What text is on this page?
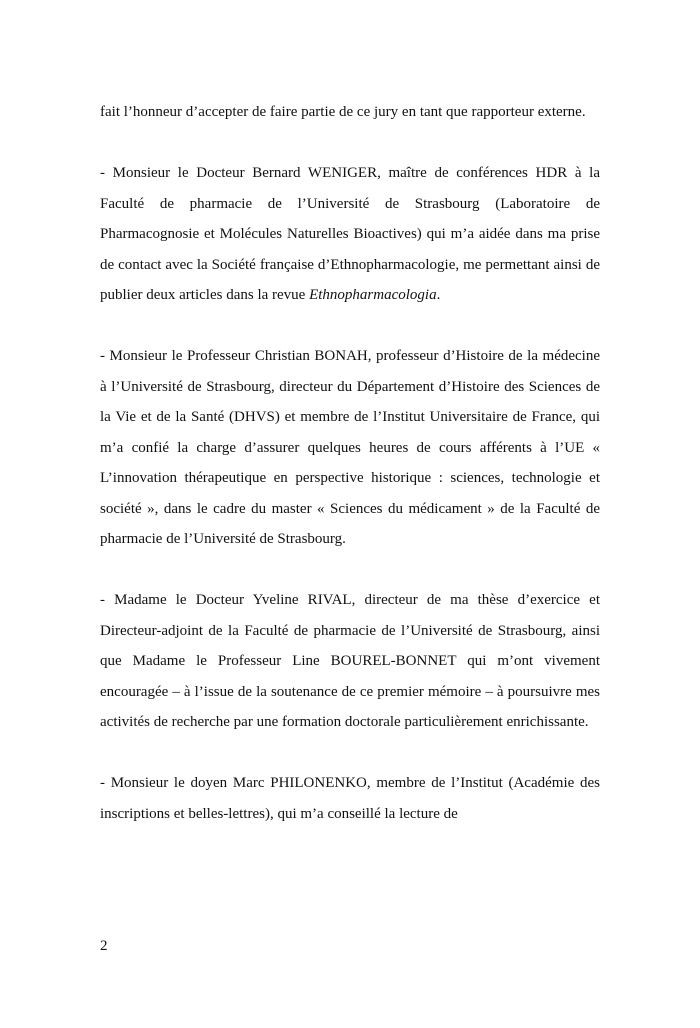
fait l’honneur d’accepter de faire partie de ce jury en tant que rapporteur externe.

- Monsieur le Docteur Bernard WENIGER, maître de conférences HDR à la Faculté de pharmacie de l’Université de Strasbourg (Laboratoire de Pharmacognosie et Molécules Naturelles Bioactives) qui m’a aidée dans ma prise de contact avec la Société française d’Ethnopharmacologie, me permettant ainsi de publier deux articles dans la revue Ethnopharmacologia.

- Monsieur le Professeur Christian BONAH, professeur d’Histoire de la médecine à l’Université de Strasbourg, directeur du Département d’Histoire des Sciences de la Vie et de la Santé (DHVS) et membre de l’Institut Universitaire de France, qui m’a confié la charge d’assurer quelques heures de cours afférents à l’UE « L’innovation thérapeutique en perspective historique : sciences, technologie et société », dans le cadre du master « Sciences du médicament » de la Faculté de pharmacie de l’Université de Strasbourg.

- Madame le Docteur Yveline RIVAL, directeur de ma thèse d’exercice et Directeur-adjoint de la Faculté de pharmacie de l’Université de Strasbourg, ainsi que Madame le Professeur Line BOUREL-BONNET qui m’ont vivement encouragée – à l’issue de la soutenance de ce premier mémoire – à poursuivre mes activités de recherche par une formation doctorale particulièrement enrichissante.

- Monsieur le doyen Marc PHILONENKO, membre de l’Institut (Académie des inscriptions et belles-lettres), qui m’a conseillé la lecture de

2
